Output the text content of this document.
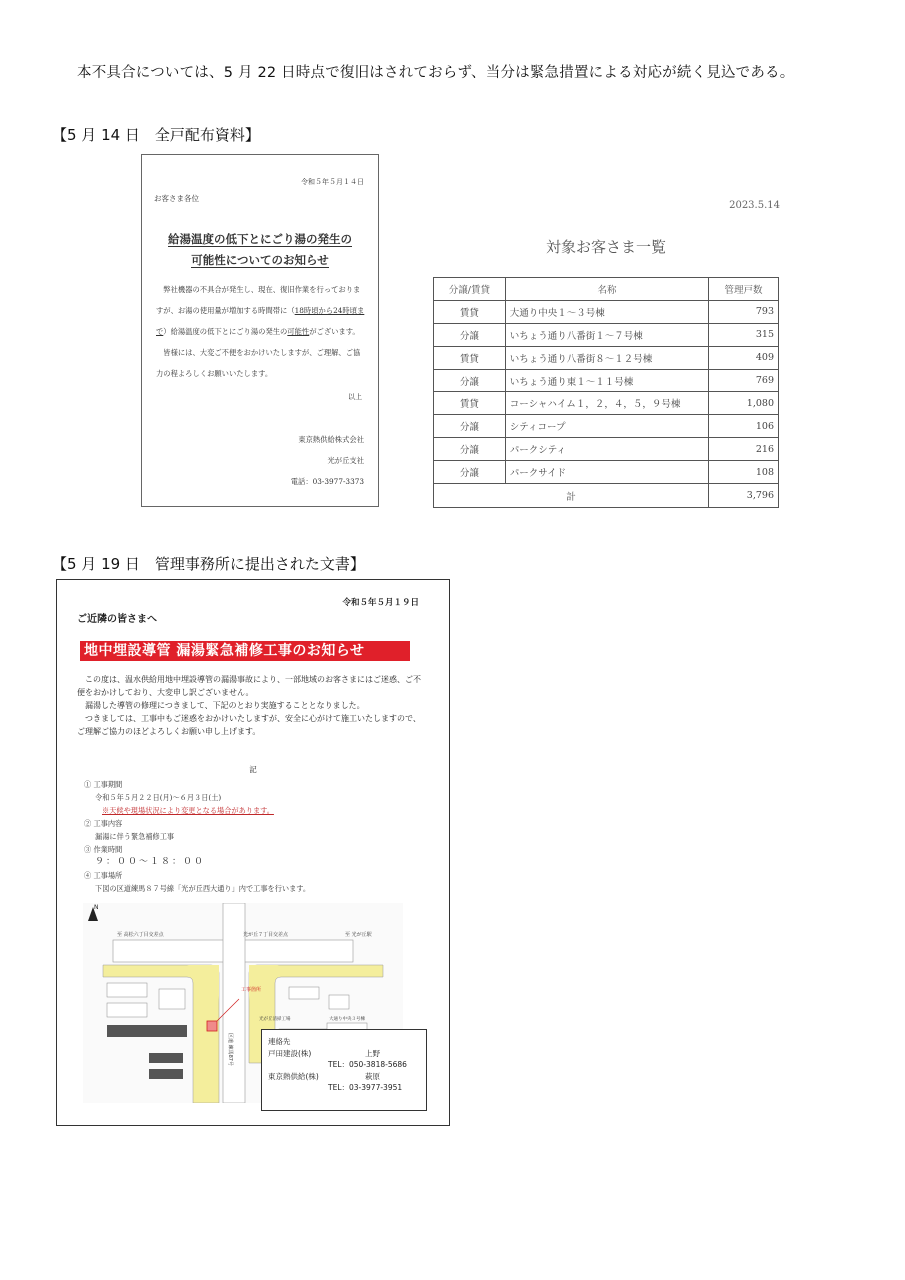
本不具合については、5 月 22 日時点で復旧はされておらず、当分は緊急措置による対応が続く見込である。
【5 月 14 日　全戸配布資料】
令和５年５月１４日
お客さま各位
給湯温度の低下とにごり湯の発生の
可能性についてのお知らせ

弊社機器の不具合が発生し、現在、復旧作業を行っておりますが、お湯の使用量が増加する時間帯に（18時頃から24時頃まで）給湯温度の低下とにごり湯の発生の可能性がございます。

皆様には、大変ご不便をおかけいたしますが、ご理解、ご協力の程よろしくお願いいたします。

以上
東京熱供給株式会社
光が丘支社
電話：03-3977-3373
2023.5.14
対象お客さま一覧
分譲/賃貸	名称	管理戸数
賃貸	大通り中央１～３号棟	793
分譲	いちょう通り八番街１～７号棟	315
賃貸	いちょう通り八番街８～１２号棟	409
分譲	いちょう通り東１～１１号棟	769
賃貸	コーシャハイム１，２，４，５，９号棟	1,080
分譲	シティコープ	106
分譲	パークシティ	216
分譲	パークサイド	108
計		3,796
【5 月 19 日　管理事務所に提出された文書】
令和５年５月１９日
ご近隣の皆さまへ
地中埋設導管 漏湯緊急補修工事のお知らせ

この度は、温水供給用地中埋設導管の漏湯事故により、一部地域のお客さまにはご迷惑、ご不便をおかけしており、大変申し訳ございません。

漏湯した導管の修理につきまして、下記のとおり実施することとなりました。

つきましては、工事中もご迷惑をおかけいたしますが、安全に心がけて施工いたしますので、ご理解ご協力のほどよろしくお願い申し上げます。

記
① 工事期間
令和５年５月２２日(月)～６月３日(土)
※天候や現場状況により変更となる場合があります。
② 工事内容
漏湯に伴う緊急補修工事
③ 作業時間
９：００～１８：００
④ 工事場所
下図の区道練馬８７号線「光が丘西大通り」内で工事を行います。
N
至 高松六丁目交差点	光が丘７丁目交差点	至 光が丘駅
工事箇所
光が丘清掃工場	大通り中央３号棟
区道 練馬87号	連絡先
戸田建設(株)	上野
TEL：050-3818-5686
東京熱供給(株)	萩原
TEL：03-3977-3951
